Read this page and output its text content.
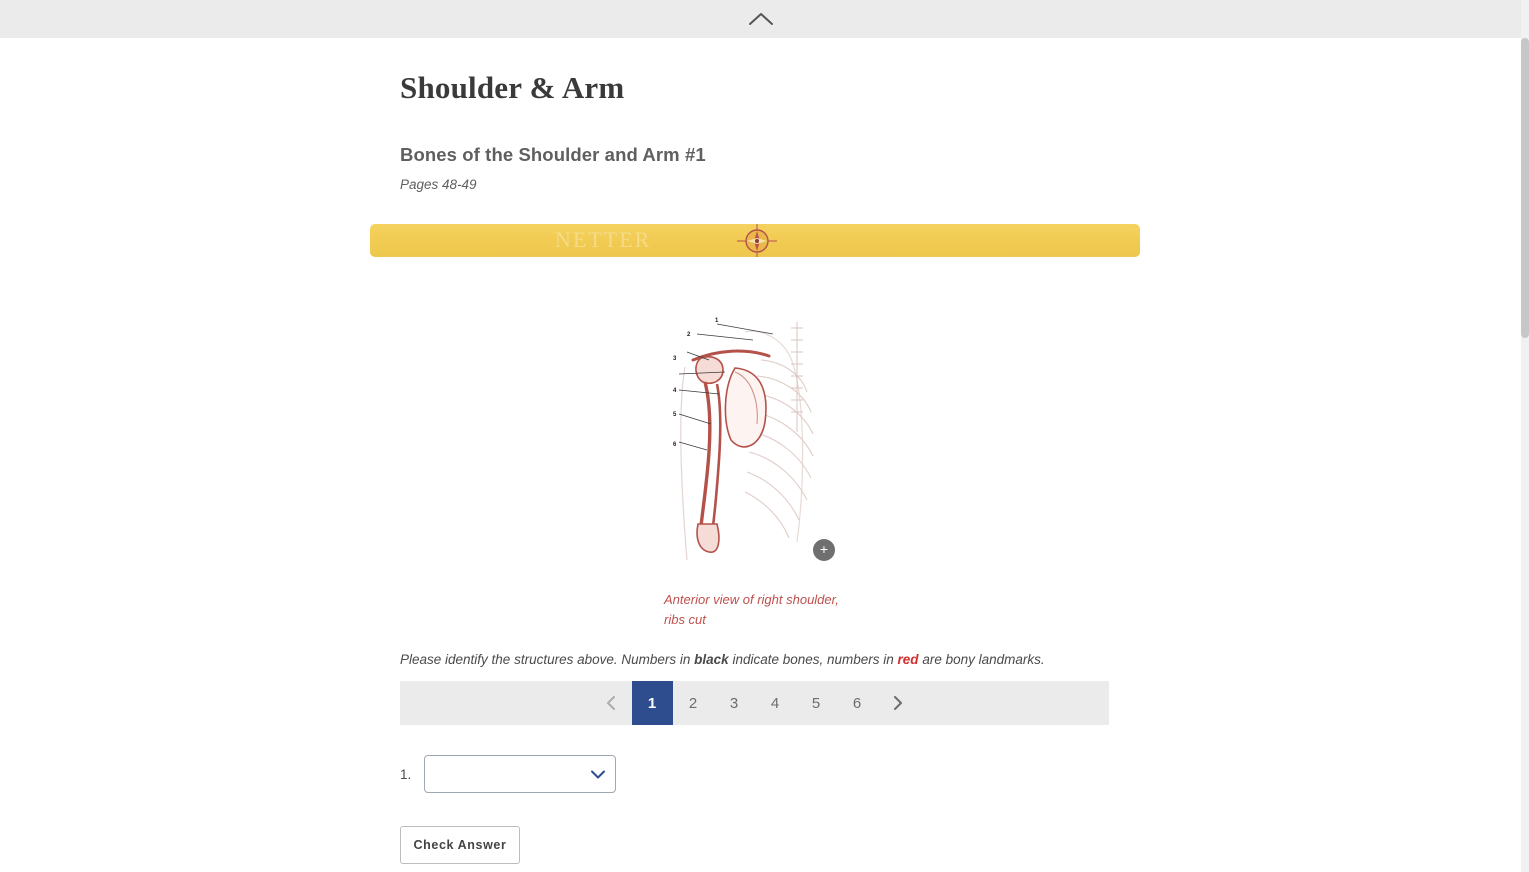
Shoulder & Arm
Bones of the Shoulder and Arm #1
Pages 48-49
NETTER
1
2
3
4
5
6
+
Anterior view of right shoulder, ribs cut
Please identify the structures above. Numbers in black indicate bones, numbers in red are bony landmarks.
1	2	3	4	5	6
1.
Check Answer
